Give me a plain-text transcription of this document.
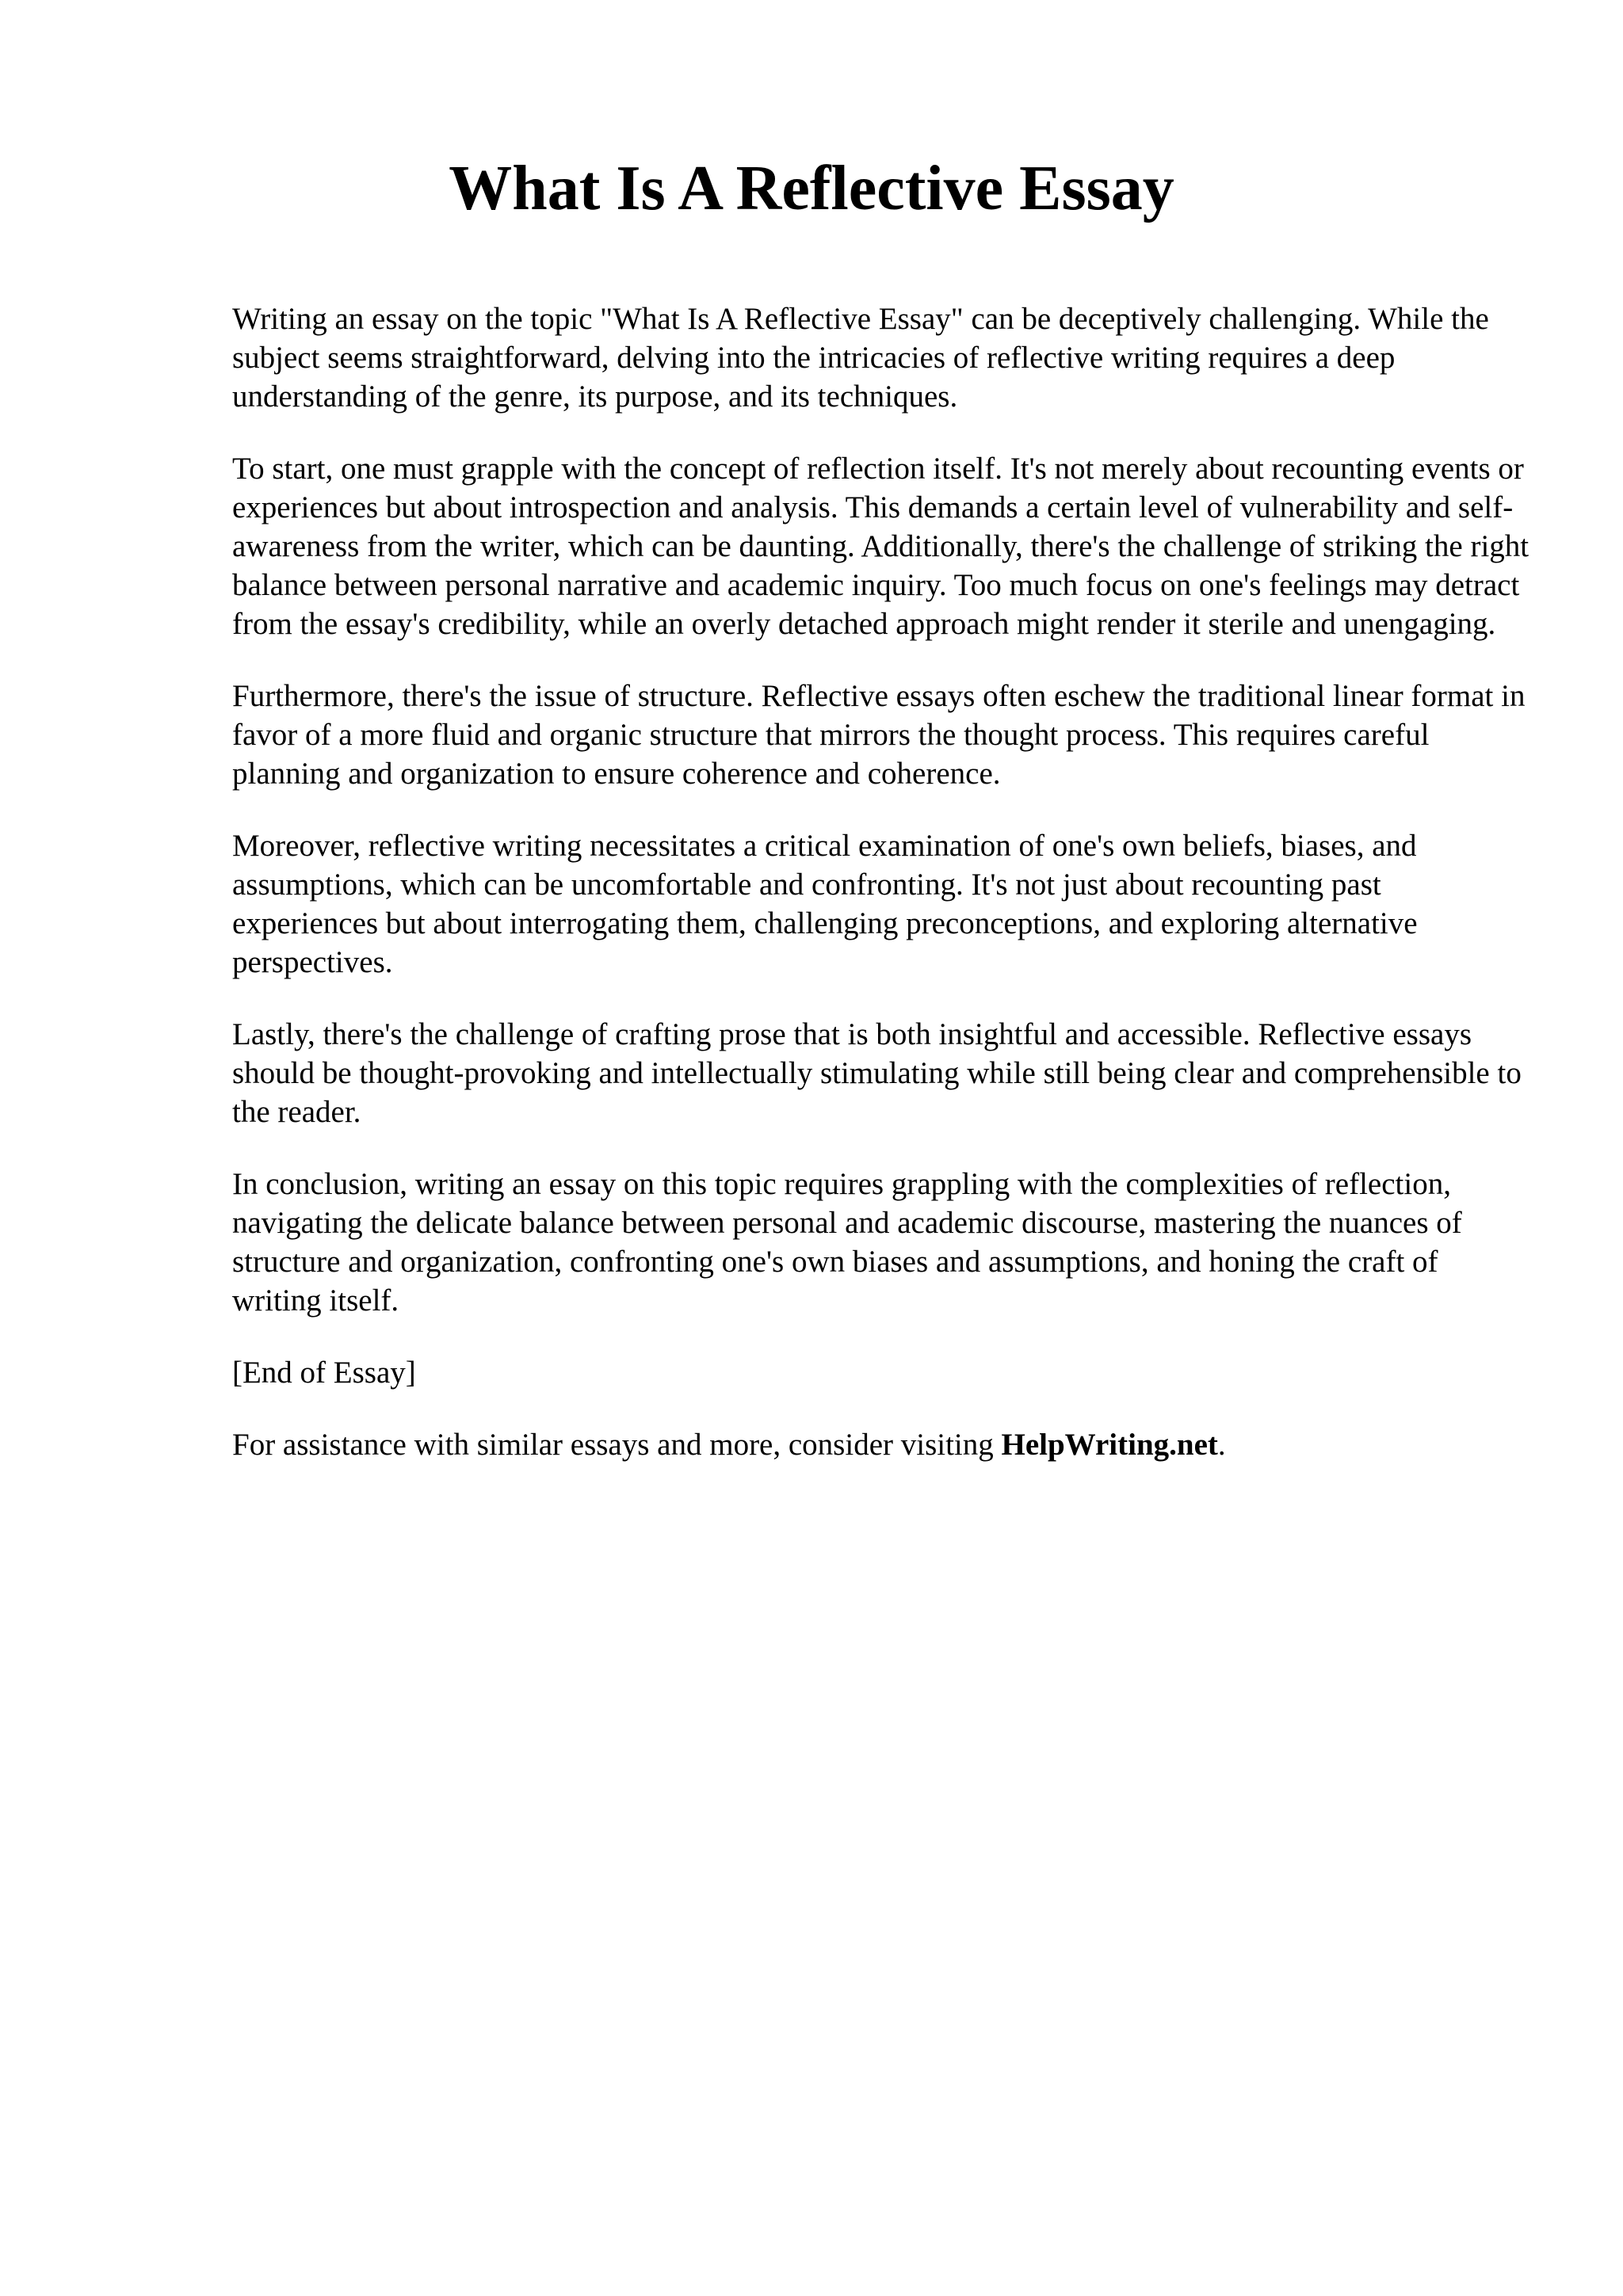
What Is A Reflective Essay

Writing an essay on the topic "What Is A Reflective Essay" can be deceptively challenging. While the subject seems straightforward, delving into the intricacies of reflective writing requires a deep understanding of the genre, its purpose, and its techniques.

To start, one must grapple with the concept of reflection itself. It's not merely about recounting events or experiences but about introspection and analysis. This demands a certain level of vulnerability and self-awareness from the writer, which can be daunting. Additionally, there's the challenge of striking the right balance between personal narrative and academic inquiry. Too much focus on one's feelings may detract from the essay's credibility, while an overly detached approach might render it sterile and unengaging.

Furthermore, there's the issue of structure. Reflective essays often eschew the traditional linear format in favor of a more fluid and organic structure that mirrors the thought process. This requires careful planning and organization to ensure coherence and coherence.

Moreover, reflective writing necessitates a critical examination of one's own beliefs, biases, and assumptions, which can be uncomfortable and confronting. It's not just about recounting past experiences but about interrogating them, challenging preconceptions, and exploring alternative perspectives.

Lastly, there's the challenge of crafting prose that is both insightful and accessible. Reflective essays should be thought-provoking and intellectually stimulating while still being clear and comprehensible to the reader.

In conclusion, writing an essay on this topic requires grappling with the complexities of reflection, navigating the delicate balance between personal and academic discourse, mastering the nuances of structure and organization, confronting one's own biases and assumptions, and honing the craft of writing itself.

[End of Essay]

For assistance with similar essays and more, consider visiting HelpWriting.net.
